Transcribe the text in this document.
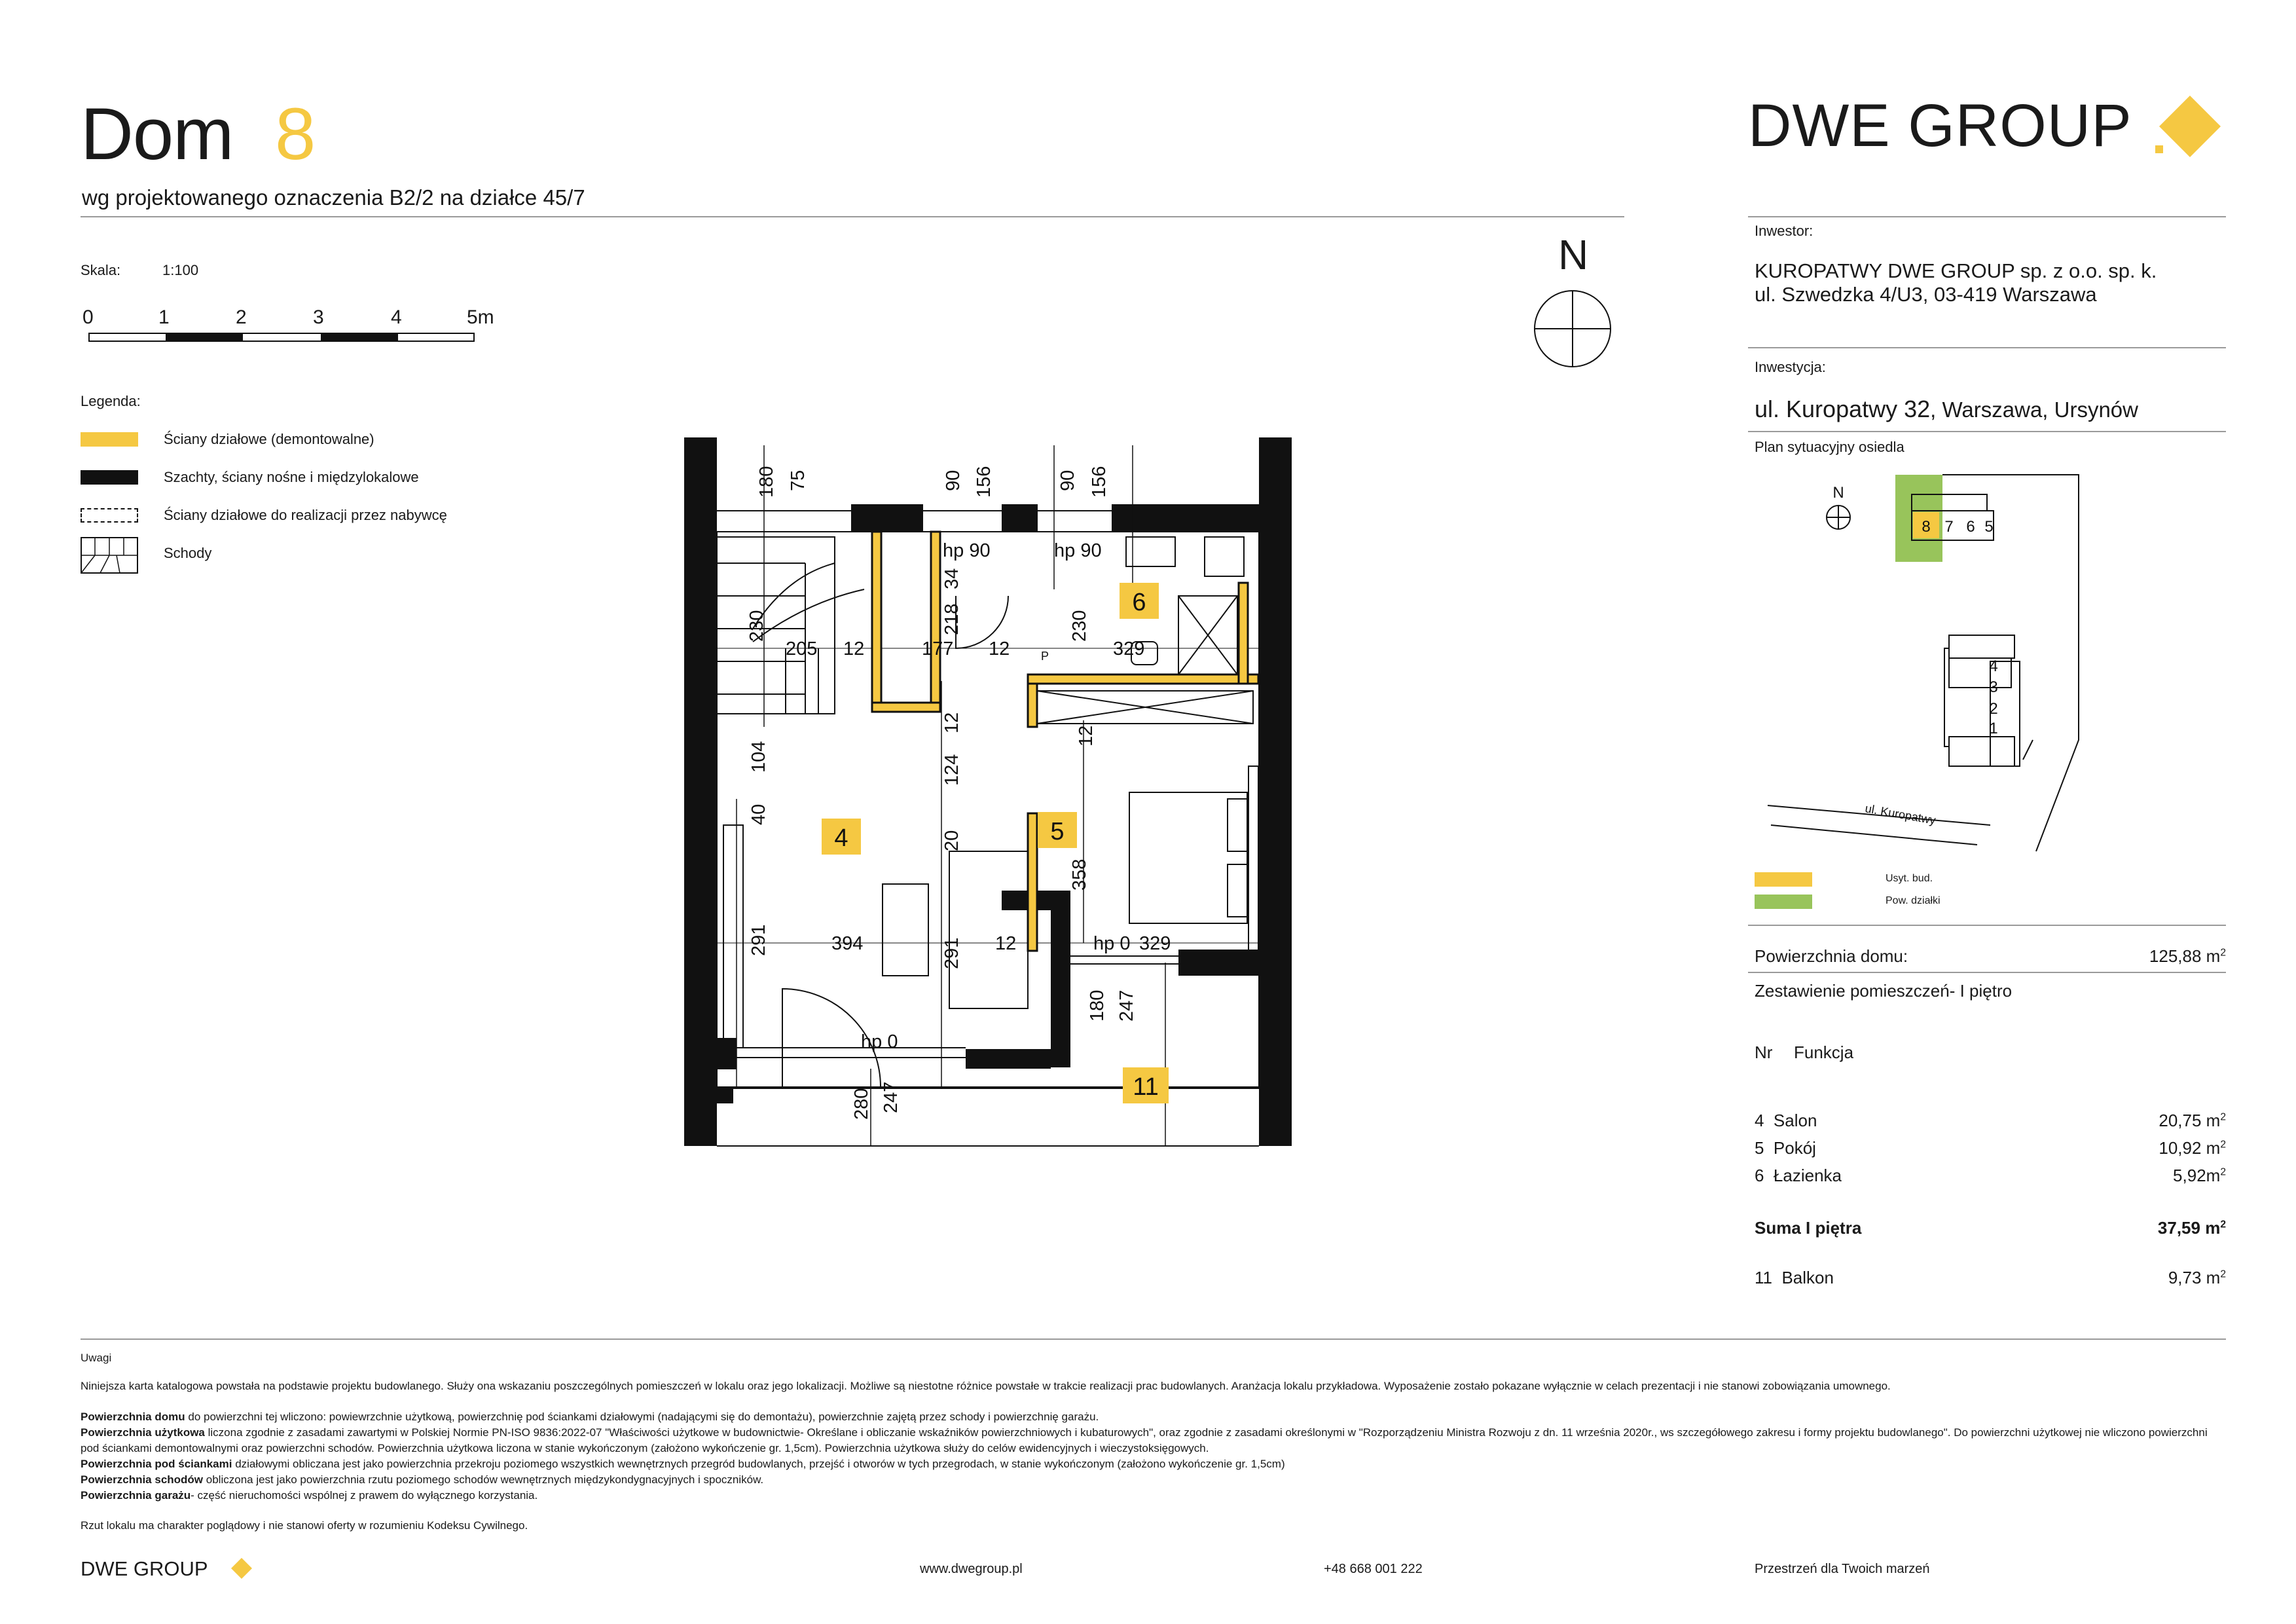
Dom 8
wg projektowanego oznaczenia B2/2 na działce 45/7
Skala:	1:100
0	1	2	3	4	5m
Legenda:
Ściany działowe (demontowalne)
Szachty, ściany nośne i międzylokalowe
Ściany działowe do realizacji przez nabywcę
Schody
N
180 75	90 156	90 156
hp 90	hp 90
hp 0
hp 0
230
205 12	177 12
230
329
34
218
12
104	124
12
40
20
358
291	394	291 12	329
180 247
280 247
P
4	5
6
11
DWE GROUP
Inwestor:
KUROPATWY DWE GROUP sp. z o.o. sp. k.
ul. Szwedzka 4/U3, 03-419 Warszawa
Inwestycja:
ul. Kuropatwy 32, Warszawa, Ursynów
Plan sytuacyjny osiedla
8 7 6 5
4
3
2
1
ul. Kuropatwy
N
Usyt. bud.
Pow. działki
Powierzchnia domu:	125,88 $m^2$
Zestawienie pomieszczeń- I piętro
Nr Funkcja
4 Salon	20,75 $m^2$
5 Pokój	10,92 $m^2$
6 Łazienka	$5,92m^2$
Suma I piętra	37,59 $m^2$
11 Balkon	9,73 $m^2$
Uwagi
Niniejsza karta katalogowa powstała na podstawie projektu budowlanego. Służy ona wskazaniu poszczególnych pomieszczeń w lokalu oraz jego lokalizacji. Możliwe są niestotne różnice powstałe w trakcie realizacji prac budowlanych. Aranżacja lokalu przykładowa. Wyposażenie zostało pokazane wyłącznie w celach prezentacji i nie stanowi zobowiązania umownego.
Powierzchnia domu do powierzchni tej wliczono: powiewrzchnie użytkową, powierzchnię pod ściankami działowymi (nadającymi się do demontażu), powierzchnie zajętą przez schody i powierzchnię garażu.
Powierzchnia użytkowa liczona zgodnie z zasadami zawartymi w Polskiej Normie PN-ISO 9836:2022-07 "Właściwości użytkowe w budownictwie- Określane i obliczanie wskaźników powierzchniowych i kubaturowych", oraz zgodnie z zasadami określonymi w "Rozporządzeniu Ministra Rozwoju z dn. 11 września 2020r., ws szczegółowego zakresu i formy projektu budowlanego". Do powierzchni użytkowej nie wliczono powierzchni pod ściankami demontowalnymi oraz powierzchni schodów. Powierzchnia użytkowa liczona w stanie wykończonym (założono wykończenie gr. 1,5cm). Powierzchnia użytkowa służy do celów ewidencyjnych i wieczystoksięgowych.
Powierzchnia pod ściankami działowymi obliczana jest jako powierzchnia przekroju poziomego wszystkich wewnętrznych przegród budowlanych, przejść i otworów w tych przegrodach, w stanie wykończonym (założono wykończenie gr. 1,5cm)
Powierzchnia schodów obliczona jest jako powierzchnia rzutu poziomego schodów wewnętrznych międzykondygnacyjnych i spoczników.
Powierzchnia garażu- część nieruchomości wspólnej z prawem do wyłącznego korzystania.
Rzut lokalu ma charakter poglądowy i nie stanowi oferty w rozumieniu Kodeksu Cywilnego.
DWE GROUP	www.dwegroup.pl	+48 668 001 222	Przestrzeń dla Twoich marzeń
